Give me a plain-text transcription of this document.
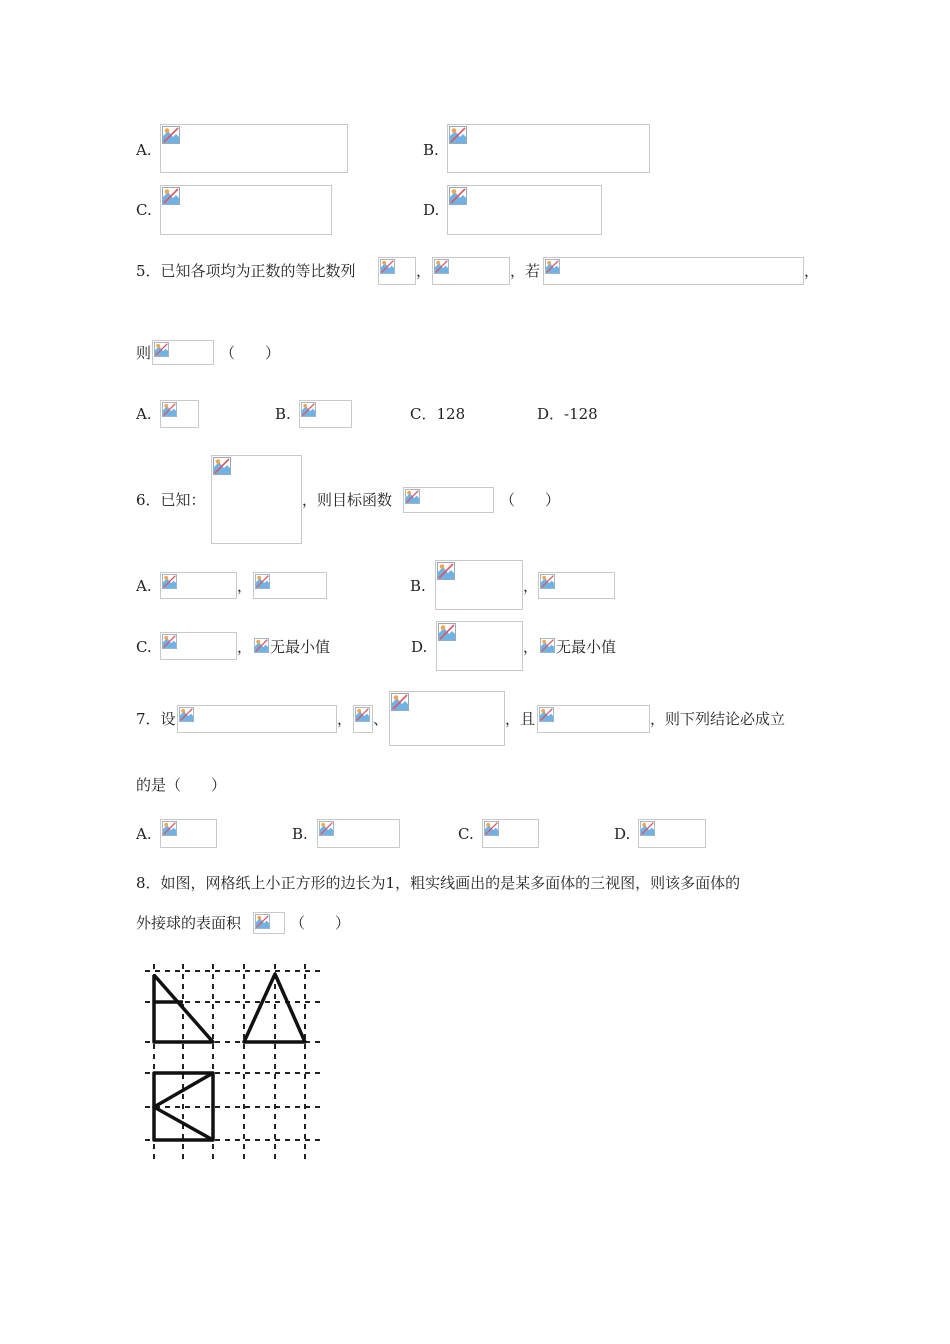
A.	B.
C.	D.
5．已知各项均为正数的等比数列	，	，若	，
则	（　　）
A.	B.	C．128	D．-128
6．已知：	，则目标函数	（　　）
A.	，	B.	，
C.	， 无最小值	D.	， 无最小值
7．设	， 、	，且	，则下列结论必成立
的是（　　）
A.	B.	C.	D.
8．如图，网格纸上小正方形的边长为1，粗实线画出的是某多面体的三视图，则该多面体的
外接球的表面积	（　　）
